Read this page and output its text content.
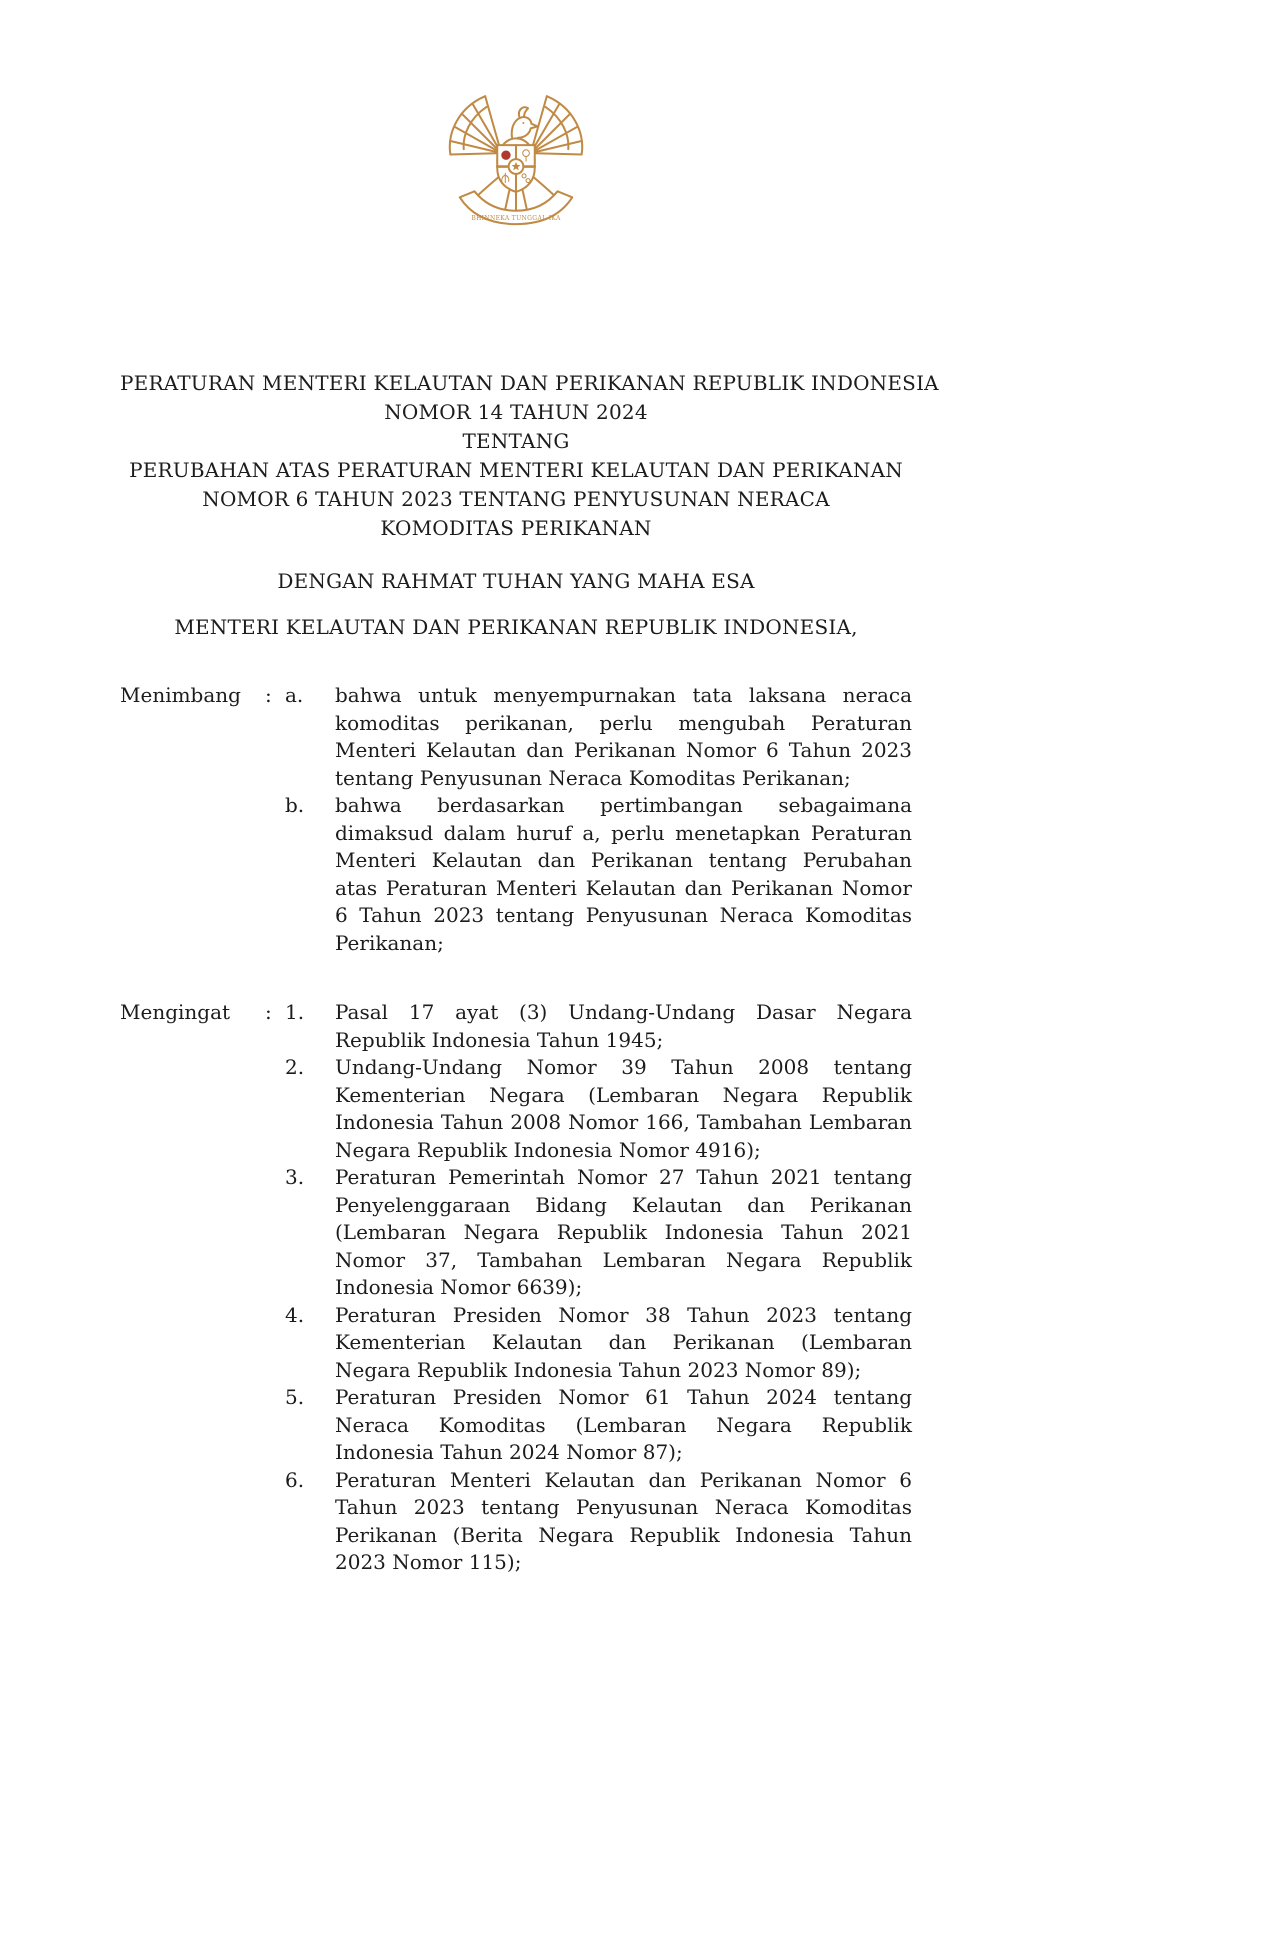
BHINNEKA TUNGGAL IKA
PERATURAN MENTERI KELAUTAN DAN PERIKANAN REPUBLIK INDONESIA
NOMOR 14 TAHUN 2024
TENTANG
PERUBAHAN ATAS PERATURAN MENTERI KELAUTAN DAN PERIKANAN
NOMOR 6 TAHUN 2023 TENTANG PENYUSUNAN NERACA
KOMODITAS PERIKANAN
DENGAN RAHMAT TUHAN YANG MAHA ESA
MENTERI KELAUTAN DAN PERIKANAN REPUBLIK INDONESIA,
Menimbang	: a.	bahwa untuk menyempurnakan tata laksana neraca komoditas perikanan, perlu mengubah Peraturan Menteri Kelautan dan Perikanan Nomor 6 Tahun 2023 tentang Penyusunan Neraca Komoditas Perikanan;
b.	bahwa berdasarkan pertimbangan sebagaimana dimaksud dalam huruf a, perlu menetapkan Peraturan Menteri Kelautan dan Perikanan tentang Perubahan atas Peraturan Menteri Kelautan dan Perikanan Nomor 6 Tahun 2023 tentang Penyusunan Neraca Komoditas Perikanan;
Mengingat	: 1.	Pasal 17 ayat (3) Undang-Undang Dasar Negara Republik Indonesia Tahun 1945;
2.	Undang-Undang Nomor 39 Tahun 2008 tentang Kementerian Negara (Lembaran Negara Republik Indonesia Tahun 2008 Nomor 166, Tambahan Lembaran Negara Republik Indonesia Nomor 4916);
3.	Peraturan Pemerintah Nomor 27 Tahun 2021 tentang Penyelenggaraan Bidang Kelautan dan Perikanan (Lembaran Negara Republik Indonesia Tahun 2021 Nomor 37, Tambahan Lembaran Negara Republik Indonesia Nomor 6639);
4.	Peraturan Presiden Nomor 38 Tahun 2023 tentang Kementerian Kelautan dan Perikanan (Lembaran Negara Republik Indonesia Tahun 2023 Nomor 89);
5.	Peraturan Presiden Nomor 61 Tahun 2024 tentang Neraca Komoditas (Lembaran Negara Republik Indonesia Tahun 2024 Nomor 87);
6.	Peraturan Menteri Kelautan dan Perikanan Nomor 6 Tahun 2023 tentang Penyusunan Neraca Komoditas Perikanan (Berita Negara Republik Indonesia Tahun 2023 Nomor 115);
